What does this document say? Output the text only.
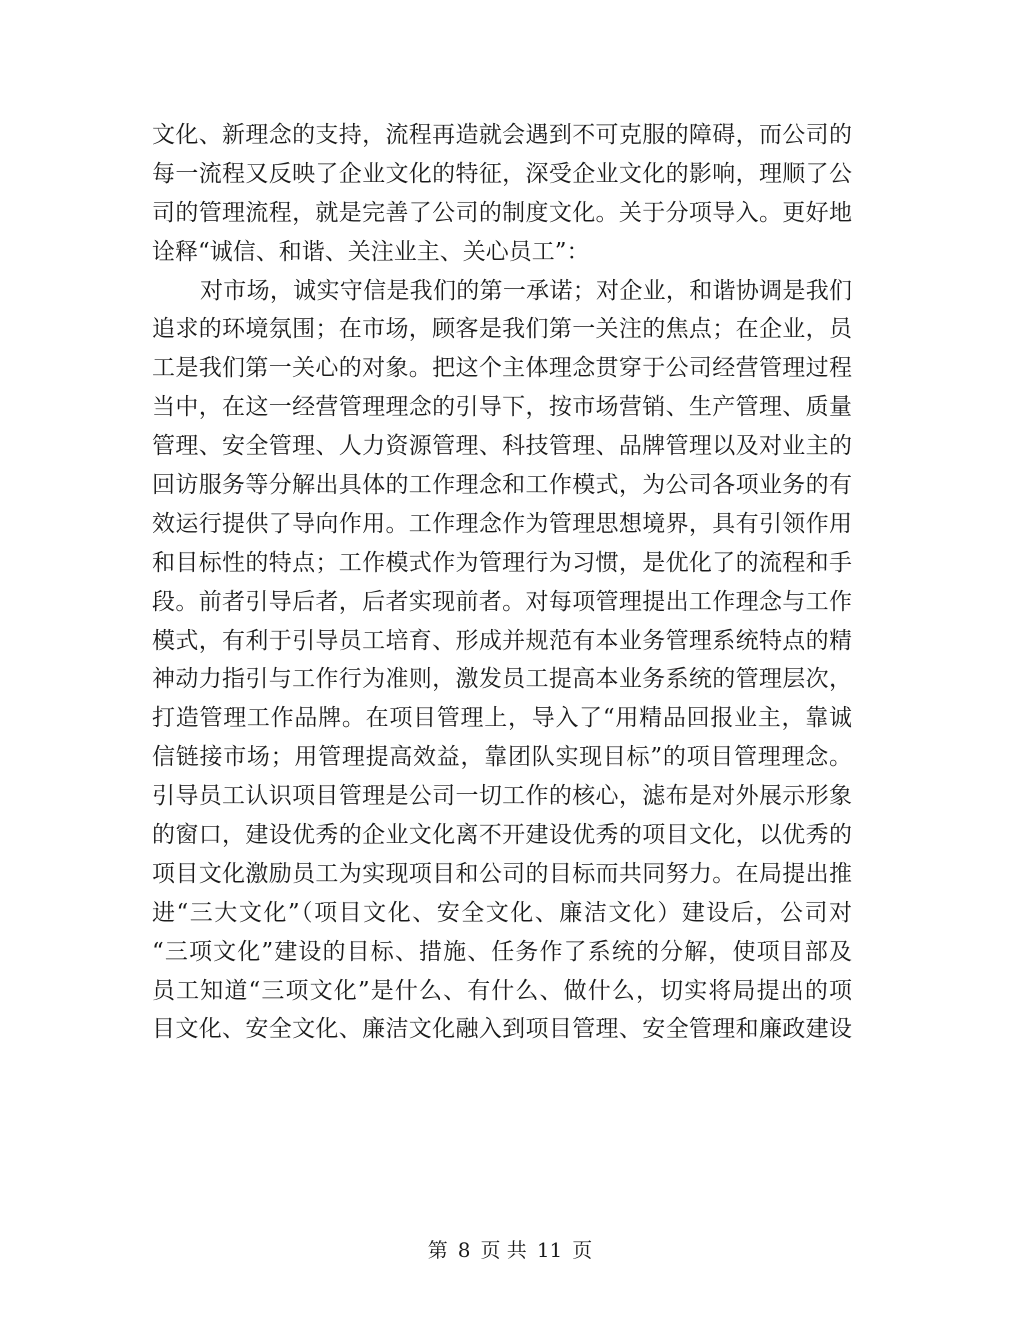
文化、新理念的支持，流程再造就会遇到不可克服的障碍，而公司的
每一流程又反映了企业文化的特征，深受企业文化的影响，理顺了公
司的管理流程，就是完善了公司的制度文化。关于分项导入。更好地
诠释“诚信、和谐、关注业主、关心员工”：
对市场，诚实守信是我们的第一承诺；对企业，和谐协调是我们
追求的环境氛围；在市场，顾客是我们第一关注的焦点；在企业，员
工是我们第一关心的对象。把这个主体理念贯穿于公司经营管理过程
当中，在这一经营管理理念的引导下，按市场营销、生产管理、质量
管理、安全管理、人力资源管理、科技管理、品牌管理以及对业主的
回访服务等分解出具体的工作理念和工作模式，为公司各项业务的有
效运行提供了导向作用。工作理念作为管理思想境界，具有引领作用
和目标性的特点；工作模式作为管理行为习惯，是优化了的流程和手
段。前者引导后者，后者实现前者。对每项管理提出工作理念与工作
模式，有利于引导员工培育、形成并规范有本业务管理系统特点的精
神动力指引与工作行为准则，激发员工提高本业务系统的管理层次，
打造管理工作品牌。在项目管理上，导入了“用精品回报业主，靠诚
信链接市场；用管理提高效益，靠团队实现目标”的项目管理理念。
引导员工认识项目管理是公司一切工作的核心，滤布是对外展示形象
的窗口，建设优秀的企业文化离不开建设优秀的项目文化，以优秀的
项目文化激励员工为实现项目和公司的目标而共同努力。在局提出推
进“三大文化”（项目文化、安全文化、廉洁文化）建设后，公司对
“三项文化”建设的目标、措施、任务作了系统的分解，使项目部及
员工知道“三项文化”是什么、有什么、做什么，切实将局提出的项
目文化、安全文化、廉洁文化融入到项目管理、安全管理和廉政建设
第 8 页 共 11 页
